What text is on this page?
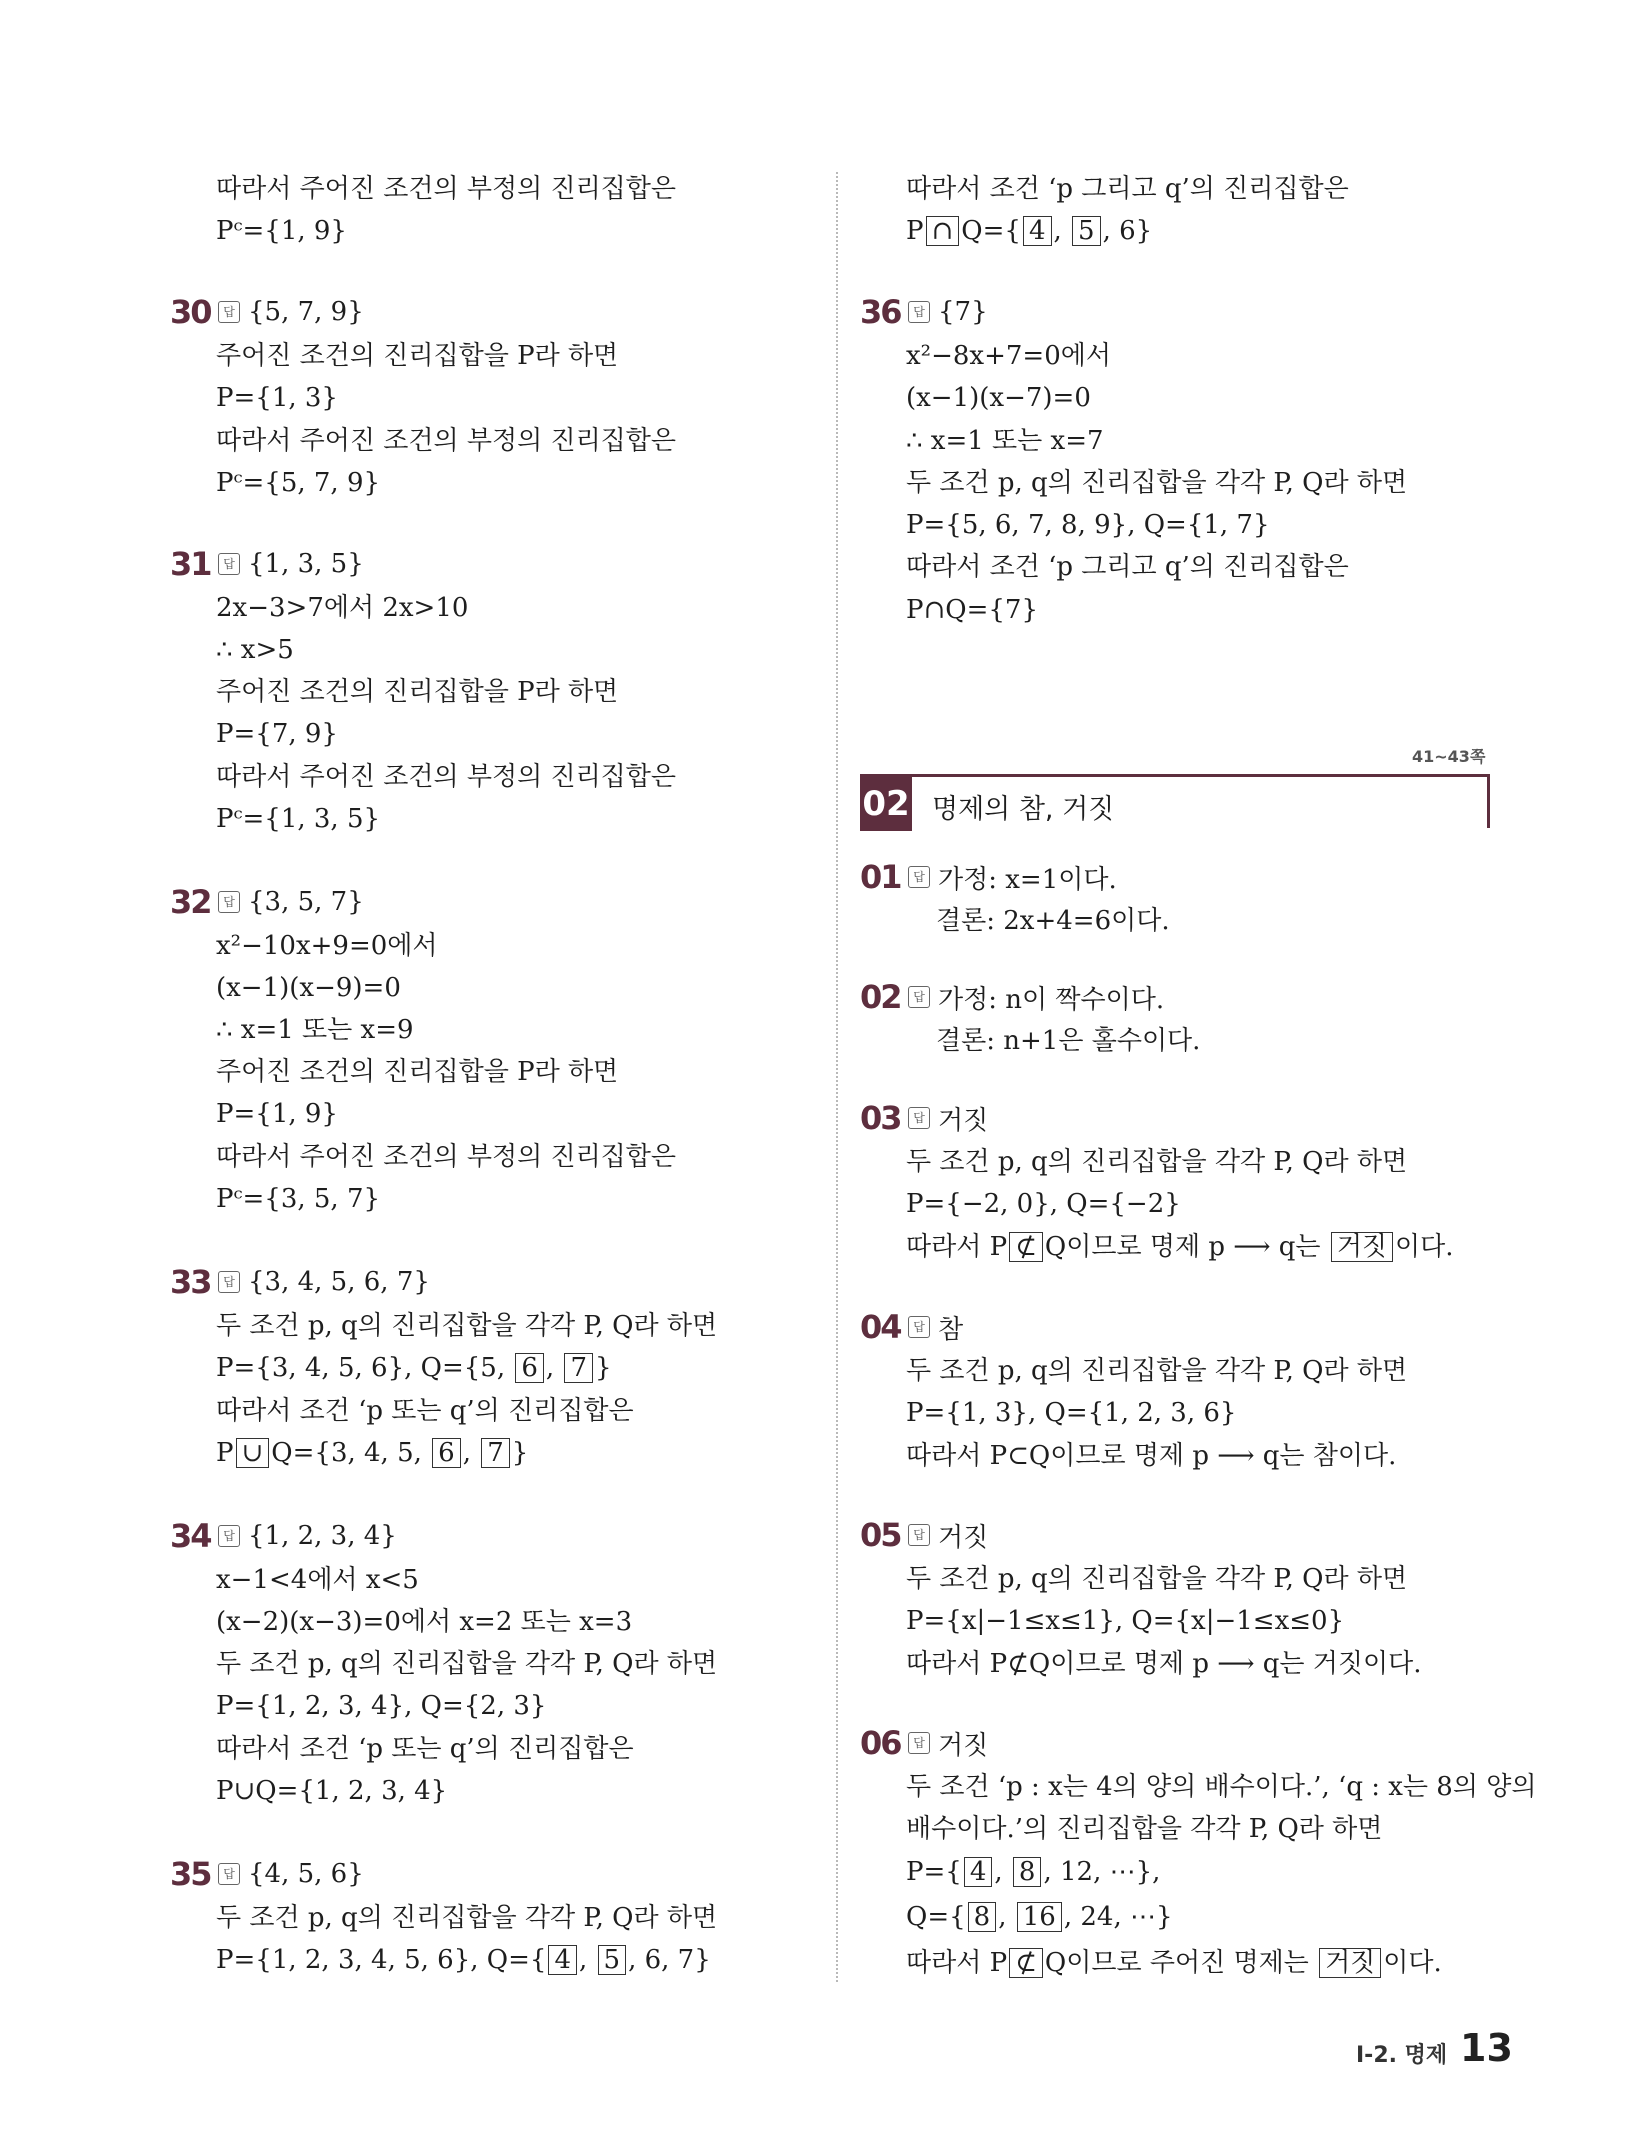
따라서 주어진 조건의 부정의 진리집합은
Pᶜ={1, 9}
30	답 {5, 7, 9}
주어진 조건의 진리집합을 P라 하면
P={1, 3}
따라서 주어진 조건의 부정의 진리집합은
Pᶜ={5, 7, 9}
31	답 {1, 3, 5}
2x−3>7에서 2x>10
∴ x>5
주어진 조건의 진리집합을 P라 하면
P={7, 9}
따라서 주어진 조건의 부정의 진리집합은
Pᶜ={1, 3, 5}
32	답 {3, 5, 7}
x²−10x+9=0에서
(x−1)(x−9)=0
∴ x=1 또는 x=9
주어진 조건의 진리집합을 P라 하면
P={1, 9}
따라서 주어진 조건의 부정의 진리집합은
Pᶜ={3, 5, 7}
33	답 {3, 4, 5, 6, 7}
두 조건 p, q의 진리집합을 각각 P, Q라 하면
P={3, 4, 5, 6}, Q={5, 6 , 7 }
따라서 조건 ‘p 또는 q’의 진리집합은
P ∪ Q={3, 4, 5, 6 , 7 }
34	답 {1, 2, 3, 4}
x−1<4에서 x<5
(x−2)(x−3)=0에서 x=2 또는 x=3
두 조건 p, q의 진리집합을 각각 P, Q라 하면
P={1, 2, 3, 4}, Q={2, 3}
따라서 조건 ‘p 또는 q’의 진리집합은
P∪Q={1, 2, 3, 4}
35	답 {4, 5, 6}
두 조건 p, q의 진리집합을 각각 P, Q라 하면
P={1, 2, 3, 4, 5, 6}, Q={ 4 , 5 , 6, 7}
41~43쪽
02 명제의 참, 거짓
따라서 조건 ‘p 그리고 q’의 진리집합은
P ∩ Q={ 4 , 5 , 6}
36	답 {7}
x²−8x+7=0에서
(x−1)(x−7)=0
∴ x=1 또는 x=7
두 조건 p, q의 진리집합을 각각 P, Q라 하면
P={5, 6, 7, 8, 9}, Q={1, 7}
따라서 조건 ‘p 그리고 q’의 진리집합은
P∩Q={7}
01	답 가정: x=1이다.
결론: 2x+4=6이다.
02	답 가정: n이 짝수이다.
결론: n+1은 홀수이다.
03	답 거짓
두 조건 p, q의 진리집합을 각각 P, Q라 하면
P={−2, 0}, Q={−2}
따라서 P ⊄ Q이므로 명제 p ⟶ q는 거짓 이다.
04	답 참
두 조건 p, q의 진리집합을 각각 P, Q라 하면
P={1, 3}, Q={1, 2, 3, 6}
따라서 P⊂Q이므로 명제 p ⟶ q는 참이다.
05	답 거짓
두 조건 p, q의 진리집합을 각각 P, Q라 하면
P={x|−1≤x≤1}, Q={x|−1≤x≤0}
따라서 P⊄Q이므로 명제 p ⟶ q는 거짓이다.
06	답 거짓
두 조건 ‘p : x는 4의 양의 배수이다.’, ‘q : x는 8의 양의
배수이다.’의 진리집합을 각각 P, Q라 하면
P={ 4 , 8 , 12, ⋯},
Q={ 8 , 16 , 24, ⋯}
따라서 P ⊄ Q이므로 주어진 명제는 거짓 이다.
I-2. 명제 13
